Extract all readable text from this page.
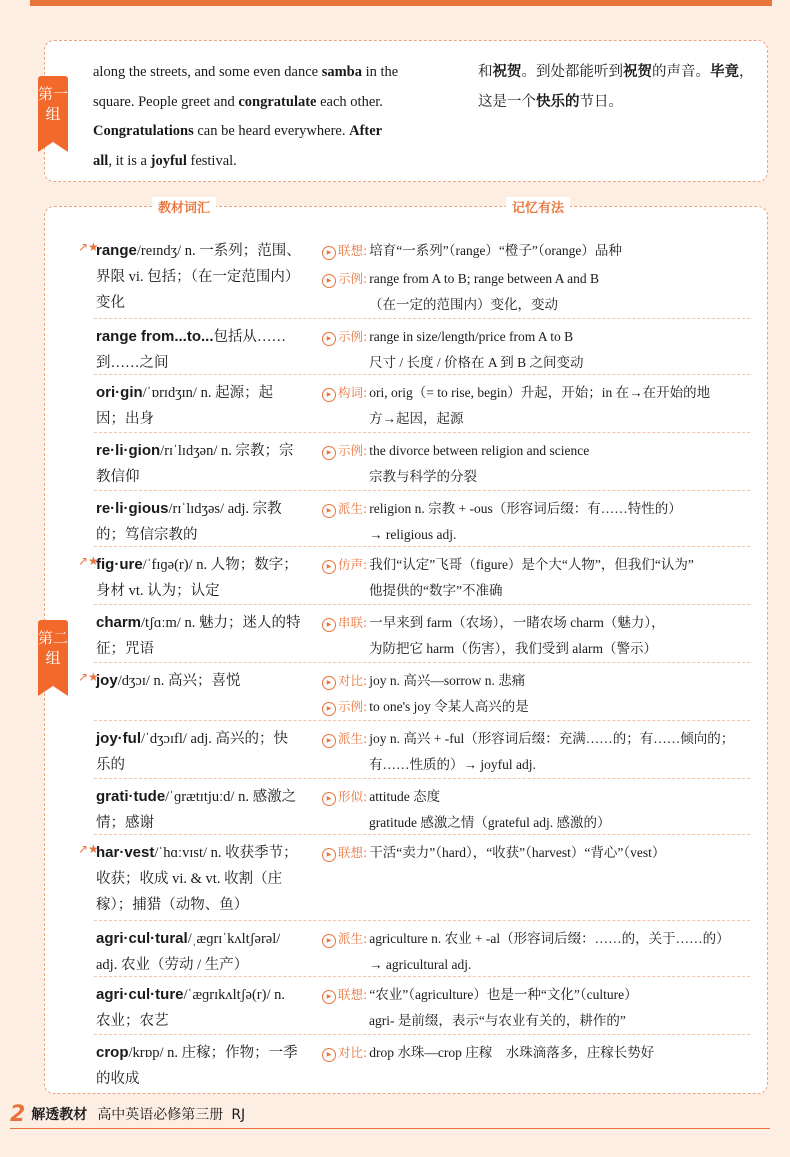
第一组
along the streets, and some even dance samba in the
square. People greet and congratulate each other.
Congratulations can be heard everywhere. After
all, it is a joyful festival.
和祝贺。到处都能听到祝贺的声音。毕竟，
这是一个快乐的节日。
第二组
教材词汇	记忆有法
↗★
range/reɪndʒ/ n. 一系列；范围、界限 vi. 包括；（在一定范围内）变化
▶ 联想: 培育“一系列”（range）“橙子”（orange）品种
▶ 示例: range from A to B; range between A and B
（在一定的范围内）变化，变动
range from...to...包括从……到……之间
▶ 示例: range in size/length/price from A to B
尺寸 / 长度 / 价格在 A 到 B 之间变动
ori·gin/ˈɒrɪdʒɪn/ n. 起源；起因；出身
▶ 构词: ori, orig（= to rise, begin）升起，开始；in 在→在开始的地
方→起因，起源
re·li·gion/rɪˈlɪdʒən/ n. 宗教；宗教信仰
▶ 示例: the divorce between religion and science
宗教与科学的分裂
re·li·gious/rɪˈlɪdʒəs/ adj. 宗教的；笃信宗教的
▶ 派生: religion n. 宗教 + -ous（形容词后缀：有……特性的）
→ religious adj.
↗★
fig·ure/ˈfɪɡə(r)/ n. 人物；数字；身材 vt. 认为；认定
▶ 仿声: 我们“认定”飞哥（figure）是个大“人物”，但我们“认为”
他提供的“数字”不准确
charm/tʃɑːm/ n. 魅力；迷人的特征；咒语
▶ 串联: 一早来到 farm（农场），一睹农场 charm（魅力），
为防把它 harm（伤害），我们受到 alarm（警示）
↗★
joy/dʒɔɪ/ n. 高兴；喜悦
▶	对比: joy n. 高兴—sorrow n. 悲痛
▶ 示例: to one's joy 令某人高兴的是
joy·ful/ˈdʒɔɪfl/ adj. 高兴的；快乐的
▶ 派生: joy n. 高兴 + -ful（形容词后缀：充满……的；有……倾向的；
有……性质的）→ joyful adj.
grati·tude/ˈɡrætɪtjuːd/ n. 感激之情；感谢
▶ 形似: attitude 态度
gratitude 感激之情（grateful adj. 感激的）
↗★
har·vest/ˈhɑːvɪst/ n. 收获季节；收获；收成 vi. & vt. 收割（庄稼）；捕猎（动物、鱼）
▶ 联想: 干活“卖力”（hard），“收获”（harvest）“背心”（vest）
agri·cul·tural/ˌæɡrɪˈkʌltʃərəl/ adj. 农业（劳动 / 生产）
▶ 派生: agriculture n. 农业 + -al（形容词后缀：……的，关于……的）
→ agricultural adj.
agri·cul·ture/ˈæɡrɪkʌltʃə(r)/ n. 农业；农艺
▶ 联想: “农业”（agriculture）也是一种“文化”（culture）
agri- 是前缀，表示“与农业有关的，耕作的”
crop/krɒp/ n. 庄稼；作物；一季的收成
▶ 对比: drop 水珠—crop 庄稼　水珠滴落多，庄稼长势好
2 解透教材 高中英语必修第三册 RJ
